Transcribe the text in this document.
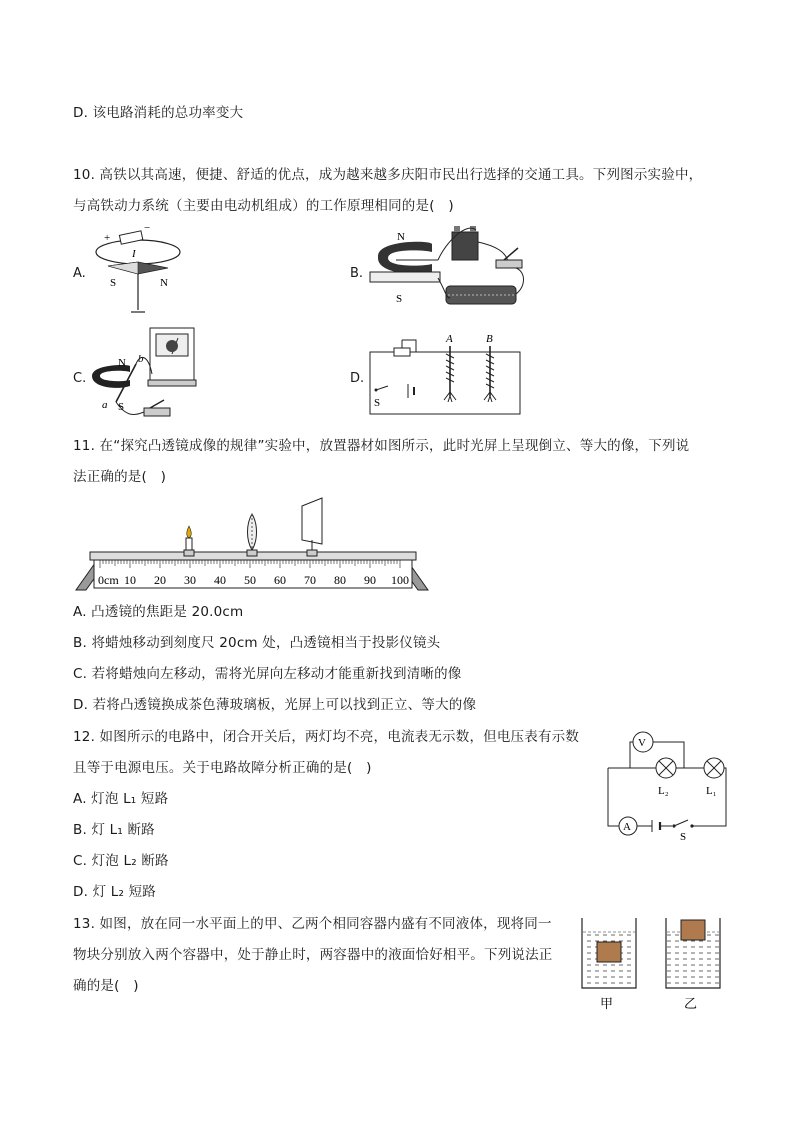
D. 该电路消耗的总功率变大
10. 高铁以其高速，便捷、舒适的优点，成为越来越多庆阳市民出行选择的交通工具。下列图示实验中，
与高铁动力系统（主要由电动机组成）的工作原理相同的是(　)
A.
+
−
I
S	N
B.
N
S
C.
N b
a S
D.
A	B
S
11. 在“探究凸透镜成像的规律”实验中，放置器材如图所示，此时光屏上呈现倒立、等大的像，下列说
法正确的是(　)
0cm 10 20 30 40 50 60 70 80 90 100
A. 凸透镜的焦距是 20.0cm
B. 将蜡烛移动到刻度尺 20cm 处，凸透镜相当于投影仪镜头
C. 若将蜡烛向左移动，需将光屏向左移动才能重新找到清晰的像
D. 若将凸透镜换成茶色薄玻璃板，光屏上可以找到正立、等大的像
12. 如图所示的电路中，闭合开关后，两灯均不亮，电流表无示数，但电压表有示数
且等于电源电压。关于电路故障分析正确的是(　)
A. 灯泡 L₁ 短路
B. 灯 L₁ 断路
C. 灯泡 L₂ 断路
D. 灯 L₂ 短路
V
L₂	L₁
A
S
13. 如图，放在同一水平面上的甲、乙两个相同容器内盛有不同液体，现将同一
物块分别放入两个容器中，处于静止时，两容器中的液面恰好相平。下列说法正
确的是(　)
甲	乙
